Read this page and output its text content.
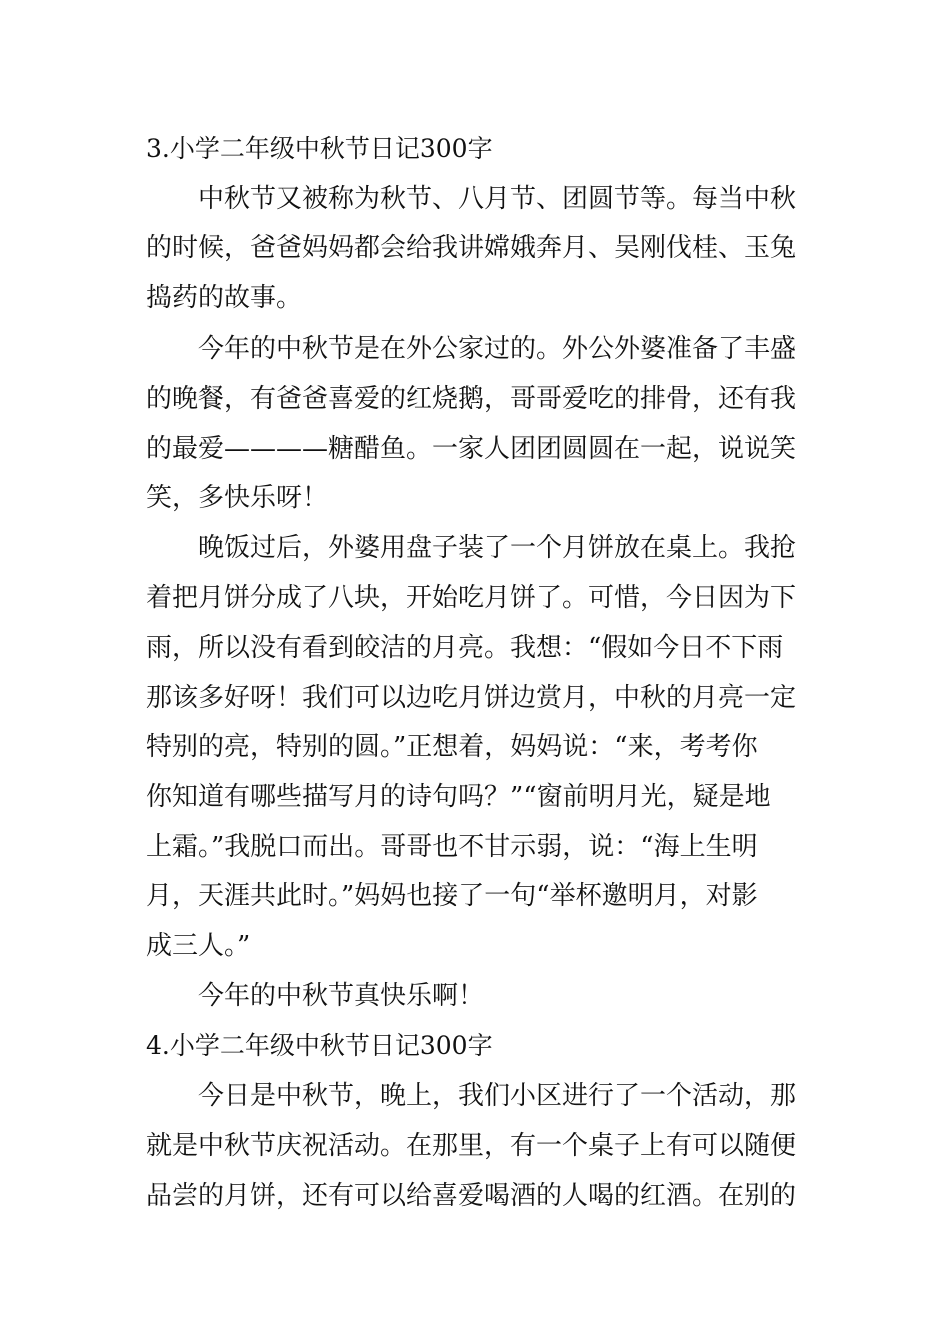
3.小学二年级中秋节日记300字
中秋节又被称为秋节、八月节、团圆节等。每当中秋
的时候，爸爸妈妈都会给我讲嫦娥奔月、吴刚伐桂、玉兔
捣药的故事。
今年的中秋节是在外公家过的。外公外婆准备了丰盛
的晚餐，有爸爸喜爱的红烧鹅，哥哥爱吃的排骨，还有我
的最爱————糖醋鱼。一家人团团圆圆在一起，说说笑
笑，多快乐呀！
晚饭过后，外婆用盘子装了一个月饼放在桌上。我抢
着把月饼分成了八块，开始吃月饼了。可惜，今日因为下
雨，所以没有看到皎洁的月亮。我想：“假如今日不下雨
那该多好呀！我们可以边吃月饼边赏月，中秋的月亮一定
特别的亮，特别的圆。”正想着，妈妈说：“来，考考你
你知道有哪些描写月的诗句吗？”“窗前明月光，疑是地
上霜。”我脱口而出。哥哥也不甘示弱，说：“海上生明
月，天涯共此时。”妈妈也接了一句“举杯邀明月，对影
成三人。”
今年的中秋节真快乐啊！
4.小学二年级中秋节日记300字
今日是中秋节，晚上，我们小区进行了一个活动，那
就是中秋节庆祝活动。在那里，有一个桌子上有可以随便
品尝的月饼，还有可以给喜爱喝酒的人喝的红酒。在别的
